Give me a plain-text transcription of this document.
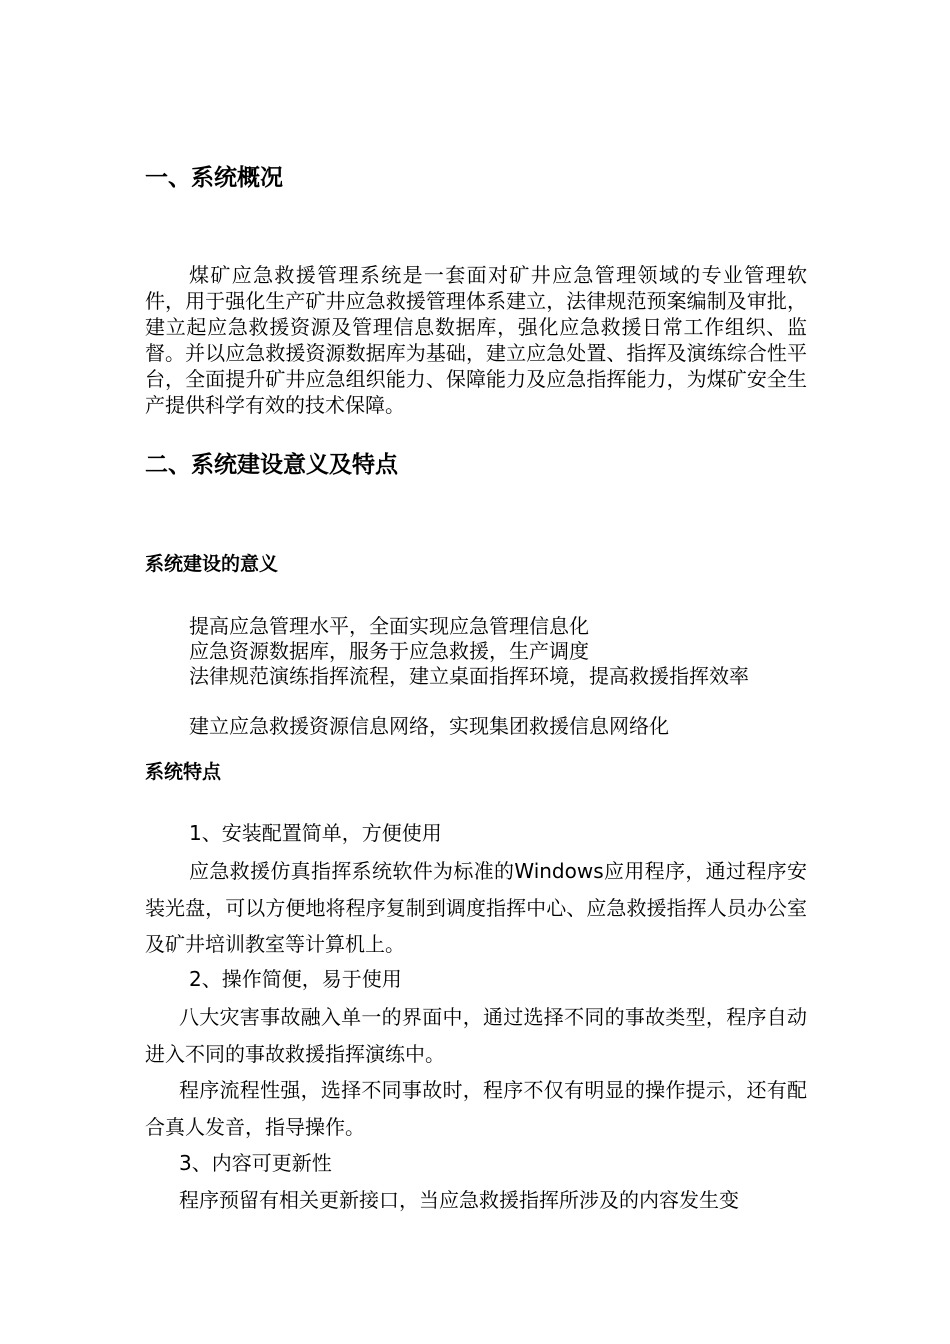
一、系统概况
煤矿应急救援管理系统是一套面对矿井应急管理领域的专业管理软件，用于强化生产矿井应急救援管理体系建立，法律规范预案编制及审批，建立起应急救援资源及管理信息数据库，强化应急救援日常工作组织、监督。并以应急救援资源数据库为基础，建立应急处置、指挥及演练综合性平台，全面提升矿井应急组织能力、保障能力及应急指挥能力，为煤矿安全生产提供科学有效的技术保障。
二、系统建设意义及特点
系统建设的意义
提高应急管理水平，全面实现应急管理信息化
应急资源数据库，服务于应急救援，生产调度
法律规范演练指挥流程，建立桌面指挥环境，提高救援指挥效率
建立应急救援资源信息网络，实现集团救援信息网络化
系统特点
1、安装配置简单，方便使用
应急救援仿真指挥系统软件为标准的Windows应用程序，通过程序安装光盘，可以方便地将程序复制到调度指挥中心、应急救援指挥人员办公室及矿井培训教室等计算机上。
2、操作简便，易于使用
八大灾害事故融入单一的界面中，通过选择不同的事故类型，程序自动进入不同的事故救援指挥演练中。
程序流程性强，选择不同事故时，程序不仅有明显的操作提示，还有配合真人发音，指导操作。
3、内容可更新性
程序预留有相关更新接口，当应急救援指挥所涉及的内容发生变
